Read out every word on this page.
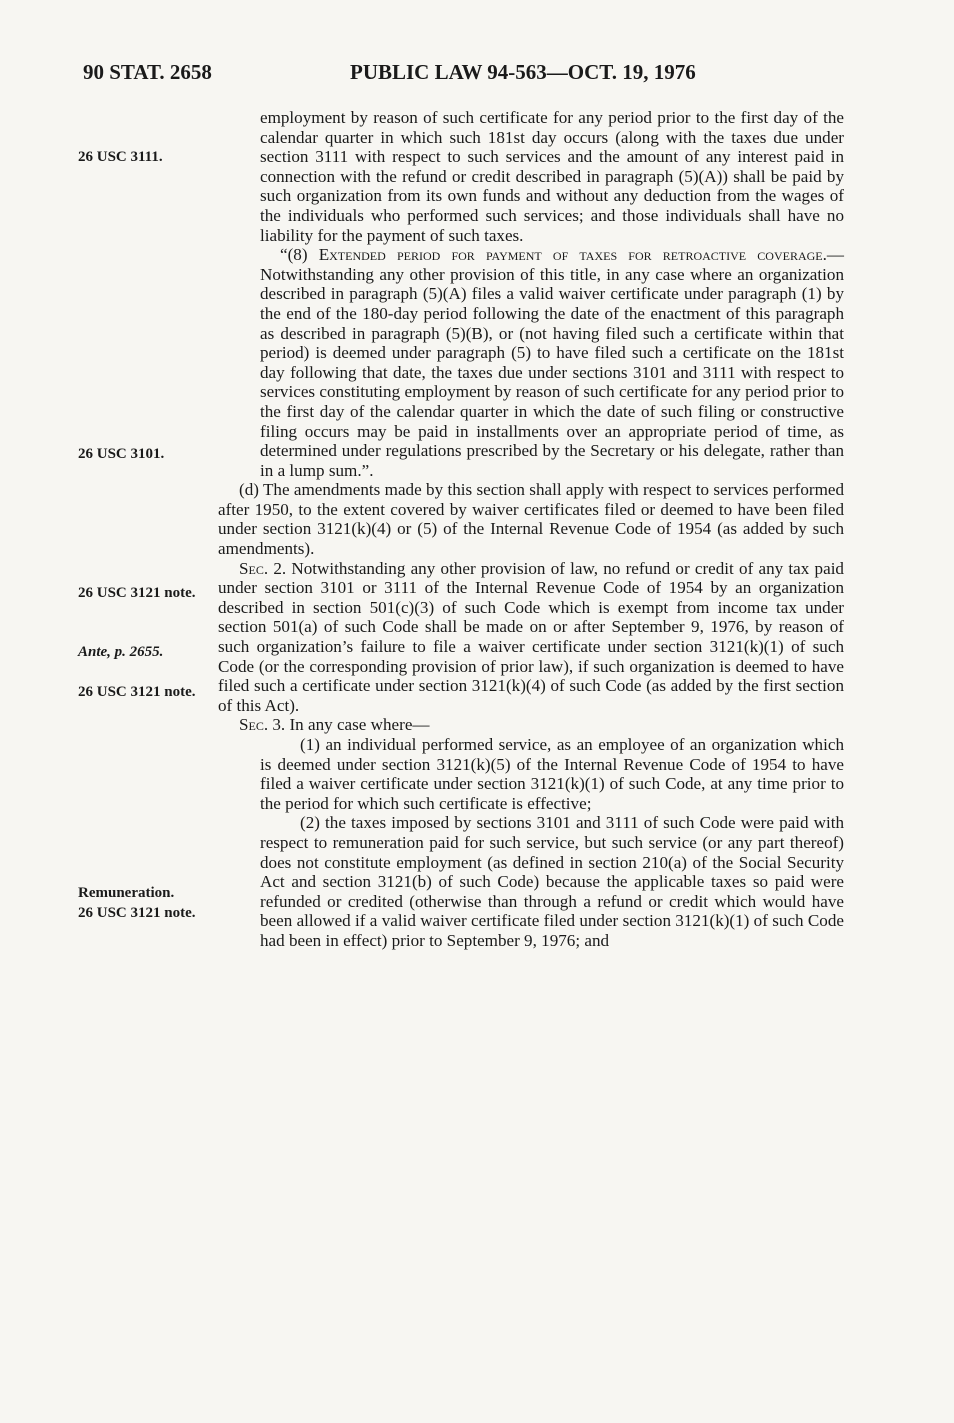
90 STAT. 2658	PUBLIC LAW 94-563—OCT. 19, 1976
26 USC 3111.
26 USC 3101.
26 USC 3121 note.
Ante, p. 2655.
26 USC 3121 note.
Remuneration.
26 USC 3121 note.

employment by reason of such certificate for any period prior to the first day of the calendar quarter in which such 181st day occurs (along with the taxes due under section 3111 with respect to such services and the amount of any interest paid in connection with the refund or credit described in paragraph (5)(A)) shall be paid by such organization from its own funds and without any deduction from the wages of the individuals who performed such services; and those individuals shall have no liability for the payment of such taxes.

“(8) Extended period for payment of taxes for retroactive coverage.—Notwithstanding any other provision of this title, in any case where an organization described in paragraph (5)(A) files a valid waiver certificate under paragraph (1) by the end of the 180-day period following the date of the enactment of this paragraph as described in paragraph (5)(B), or (not having filed such a certificate within that period) is deemed under paragraph (5) to have filed such a certificate on the 181st day following that date, the taxes due under sections 3101 and 3111 with respect to services constituting employment by reason of such certificate for any period prior to the first day of the calendar quarter in which the date of such filing or constructive filing occurs may be paid in installments over an appropriate period of time, as determined under regulations prescribed by the Secretary or his delegate, rather than in a lump sum.”.

(d) The amendments made by this section shall apply with respect to services performed after 1950, to the extent covered by waiver certificates filed or deemed to have been filed under section 3121(k)(4) or (5) of the Internal Revenue Code of 1954 (as added by such amendments).

Sec. 2. Notwithstanding any other provision of law, no refund or credit of any tax paid under section 3101 or 3111 of the Internal Revenue Code of 1954 by an organization described in section 501(c)(3) of such Code which is exempt from income tax under section 501(a) of such Code shall be made on or after September 9, 1976, by reason of such organization’s failure to file a waiver certificate under section 3121(k)(1) of such Code (or the corresponding provision of prior law), if such organization is deemed to have filed such a certificate under section 3121(k)(4) of such Code (as added by the first section of this Act).

Sec. 3. In any case where—

(1) an individual performed service, as an employee of an organization which is deemed under section 3121(k)(5) of the Internal Revenue Code of 1954 to have filed a waiver certificate under section 3121(k)(1) of such Code, at any time prior to the period for which such certificate is effective;

(2) the taxes imposed by sections 3101 and 3111 of such Code were paid with respect to remuneration paid for such service, but such service (or any part thereof) does not constitute employment (as defined in section 210(a) of the Social Security Act and section 3121(b) of such Code) because the applicable taxes so paid were refunded or credited (otherwise than through a refund or credit which would have been allowed if a valid waiver certificate filed under section 3121(k)(1) of such Code had been in effect) prior to September 9, 1976; and
